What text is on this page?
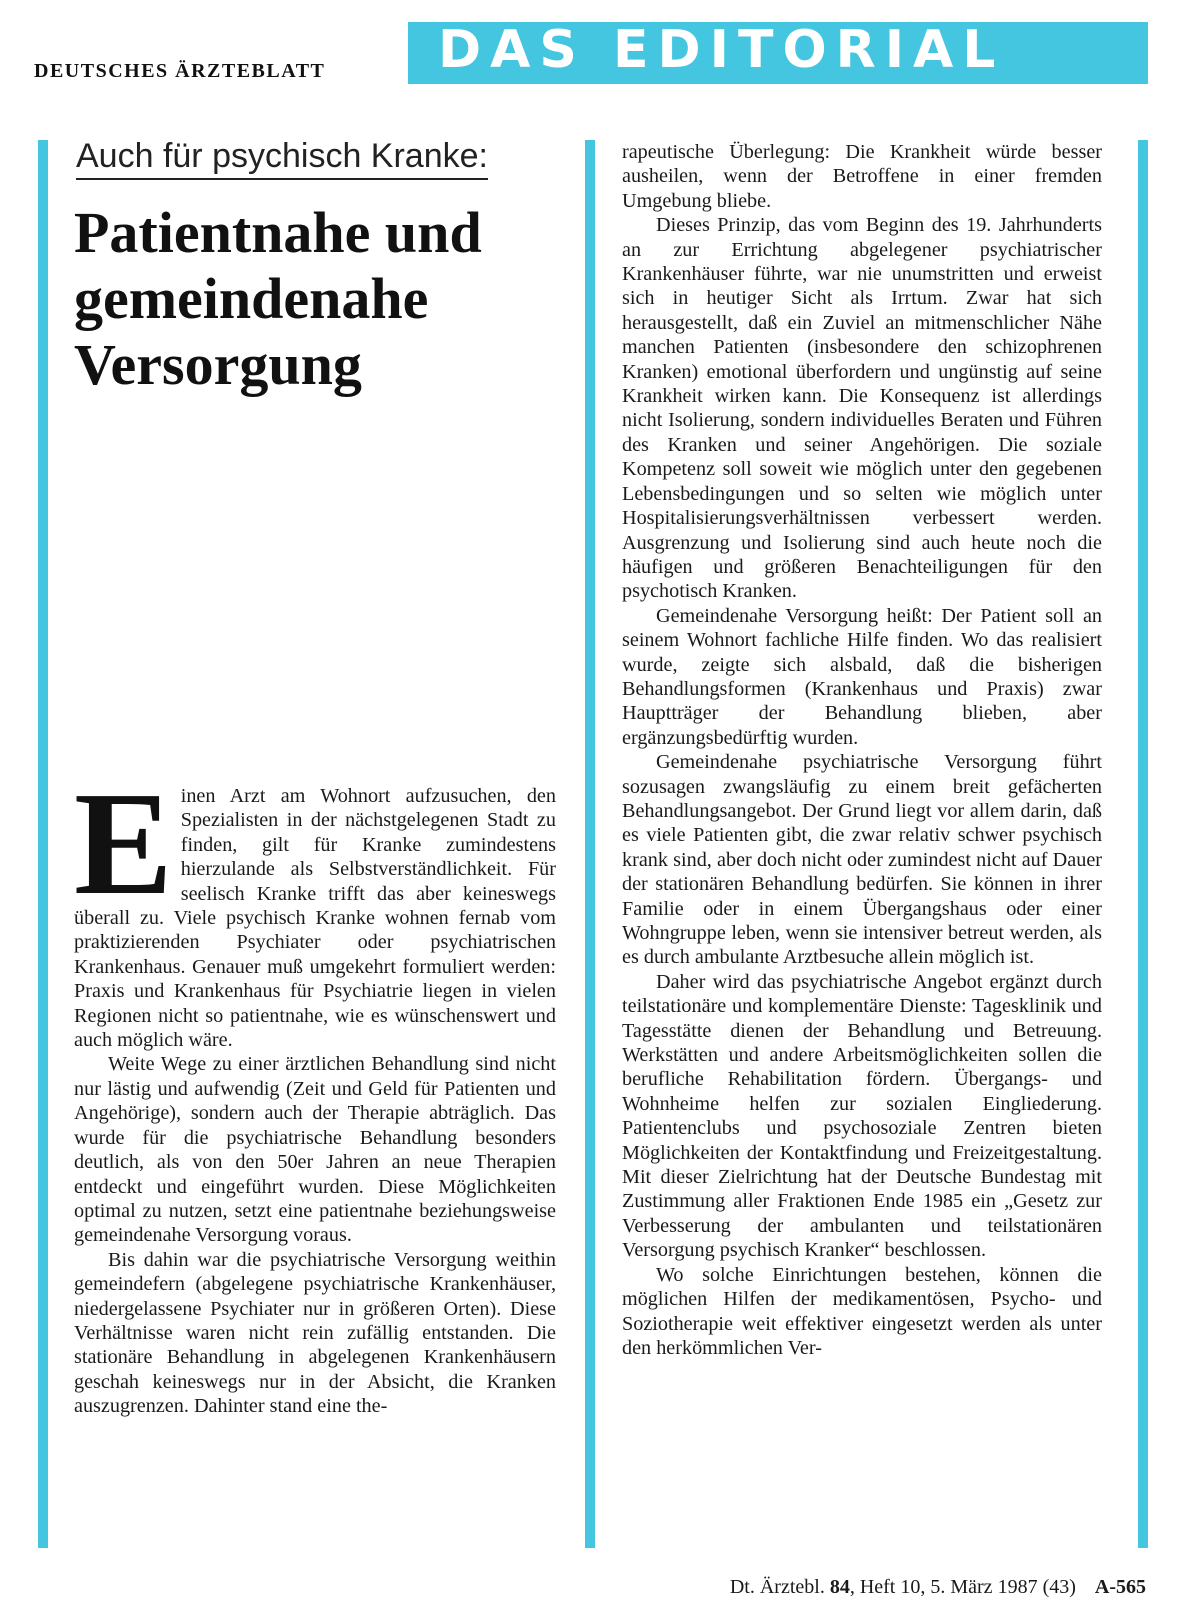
DEUTSCHES ÄRZTEBLATT	DAS EDITORIAL
Auch für psychisch Kranke:
Patientnahe und gemeindenahe Versorgung

Einen Arzt am Wohnort aufzusuchen, den Spezialisten in der nächstgelegenen Stadt zu finden, gilt für Kranke zumindestens hierzulande als Selbstverständlichkeit. Für seelisch Kranke trifft das aber keineswegs überall zu. Viele psychisch Kranke wohnen fernab vom praktizierenden Psychiater oder psychiatrischen Krankenhaus. Genauer muß umgekehrt formuliert werden: Praxis und Krankenhaus für Psychiatrie liegen in vielen Regionen nicht so patientnahe, wie es wünschenswert und auch möglich wäre.

Weite Wege zu einer ärztlichen Behandlung sind nicht nur lästig und aufwendig (Zeit und Geld für Patienten und Angehörige), sondern auch der Therapie abträglich. Das wurde für die psychiatrische Behandlung besonders deutlich, als von den 50er Jahren an neue Therapien entdeckt und eingeführt wurden. Diese Möglichkeiten optimal zu nutzen, setzt eine patientnahe beziehungsweise gemeindenahe Versorgung voraus.

Bis dahin war die psychiatrische Versorgung weithin gemeindefern (abgelegene psychiatrische Krankenhäuser, niedergelassene Psychiater nur in größeren Orten). Diese Verhältnisse waren nicht rein zufällig entstanden. Die stationäre Behandlung in abgelegenen Krankenhäusern geschah keineswegs nur in der Absicht, die Kranken auszugrenzen. Dahinter stand eine the-

rapeutische Überlegung: Die Krankheit würde besser ausheilen, wenn der Betroffene in einer fremden Umgebung bliebe.

Dieses Prinzip, das vom Beginn des 19. Jahrhunderts an zur Errichtung abgelegener psychiatrischer Krankenhäuser führte, war nie unumstritten und erweist sich in heutiger Sicht als Irrtum. Zwar hat sich herausgestellt, daß ein Zuviel an mitmenschlicher Nähe manchen Patienten (insbesondere den schizophrenen Kranken) emotional überfordern und ungünstig auf seine Krankheit wirken kann. Die Konsequenz ist allerdings nicht Isolierung, sondern individuelles Beraten und Führen des Kranken und seiner Angehörigen. Die soziale Kompetenz soll soweit wie möglich unter den gegebenen Lebensbedingungen und so selten wie möglich unter Hospitalisierungsverhältnissen verbessert werden. Ausgrenzung und Isolierung sind auch heute noch die häufigen und größeren Benachteiligungen für den psychotisch Kranken.

Gemeindenahe Versorgung heißt: Der Patient soll an seinem Wohnort fachliche Hilfe finden. Wo das realisiert wurde, zeigte sich alsbald, daß die bisherigen Behandlungsformen (Krankenhaus und Praxis) zwar Hauptträger der Behandlung blieben, aber ergänzungsbedürftig wurden.

Gemeindenahe psychiatrische Versorgung führt sozusagen zwangsläufig zu einem breit gefächerten Behandlungsangebot. Der Grund liegt vor allem darin, daß es viele Patienten gibt, die zwar relativ schwer psychisch krank sind, aber doch nicht oder zumindest nicht auf Dauer der stationären Behandlung bedürfen. Sie können in ihrer Familie oder in einem Übergangshaus oder einer Wohngruppe leben, wenn sie intensiver betreut werden, als es durch ambulante Arztbesuche allein möglich ist.

Daher wird das psychiatrische Angebot ergänzt durch teilstationäre und komplementäre Dienste: Tagesklinik und Tagesstätte dienen der Behandlung und Betreuung. Werkstätten und andere Arbeitsmöglichkeiten sollen die berufliche Rehabilitation fördern. Übergangs- und Wohnheime helfen zur sozialen Eingliederung. Patientenclubs und psychosoziale Zentren bieten Möglichkeiten der Kontaktfindung und Freizeitgestaltung. Mit dieser Zielrichtung hat der Deutsche Bundestag mit Zustimmung aller Fraktionen Ende 1985 ein „Gesetz zur Verbesserung der ambulanten und teilstationären Versorgung psychisch Kranker“ beschlossen.

Wo solche Einrichtungen bestehen, können die möglichen Hilfen der medikamentösen, Psycho- und Soziotherapie weit effektiver eingesetzt werden als unter den herkömmlichen Ver-

Dt. Ärztebl. 84, Heft 10, 5. März 1987 (43) A-565
